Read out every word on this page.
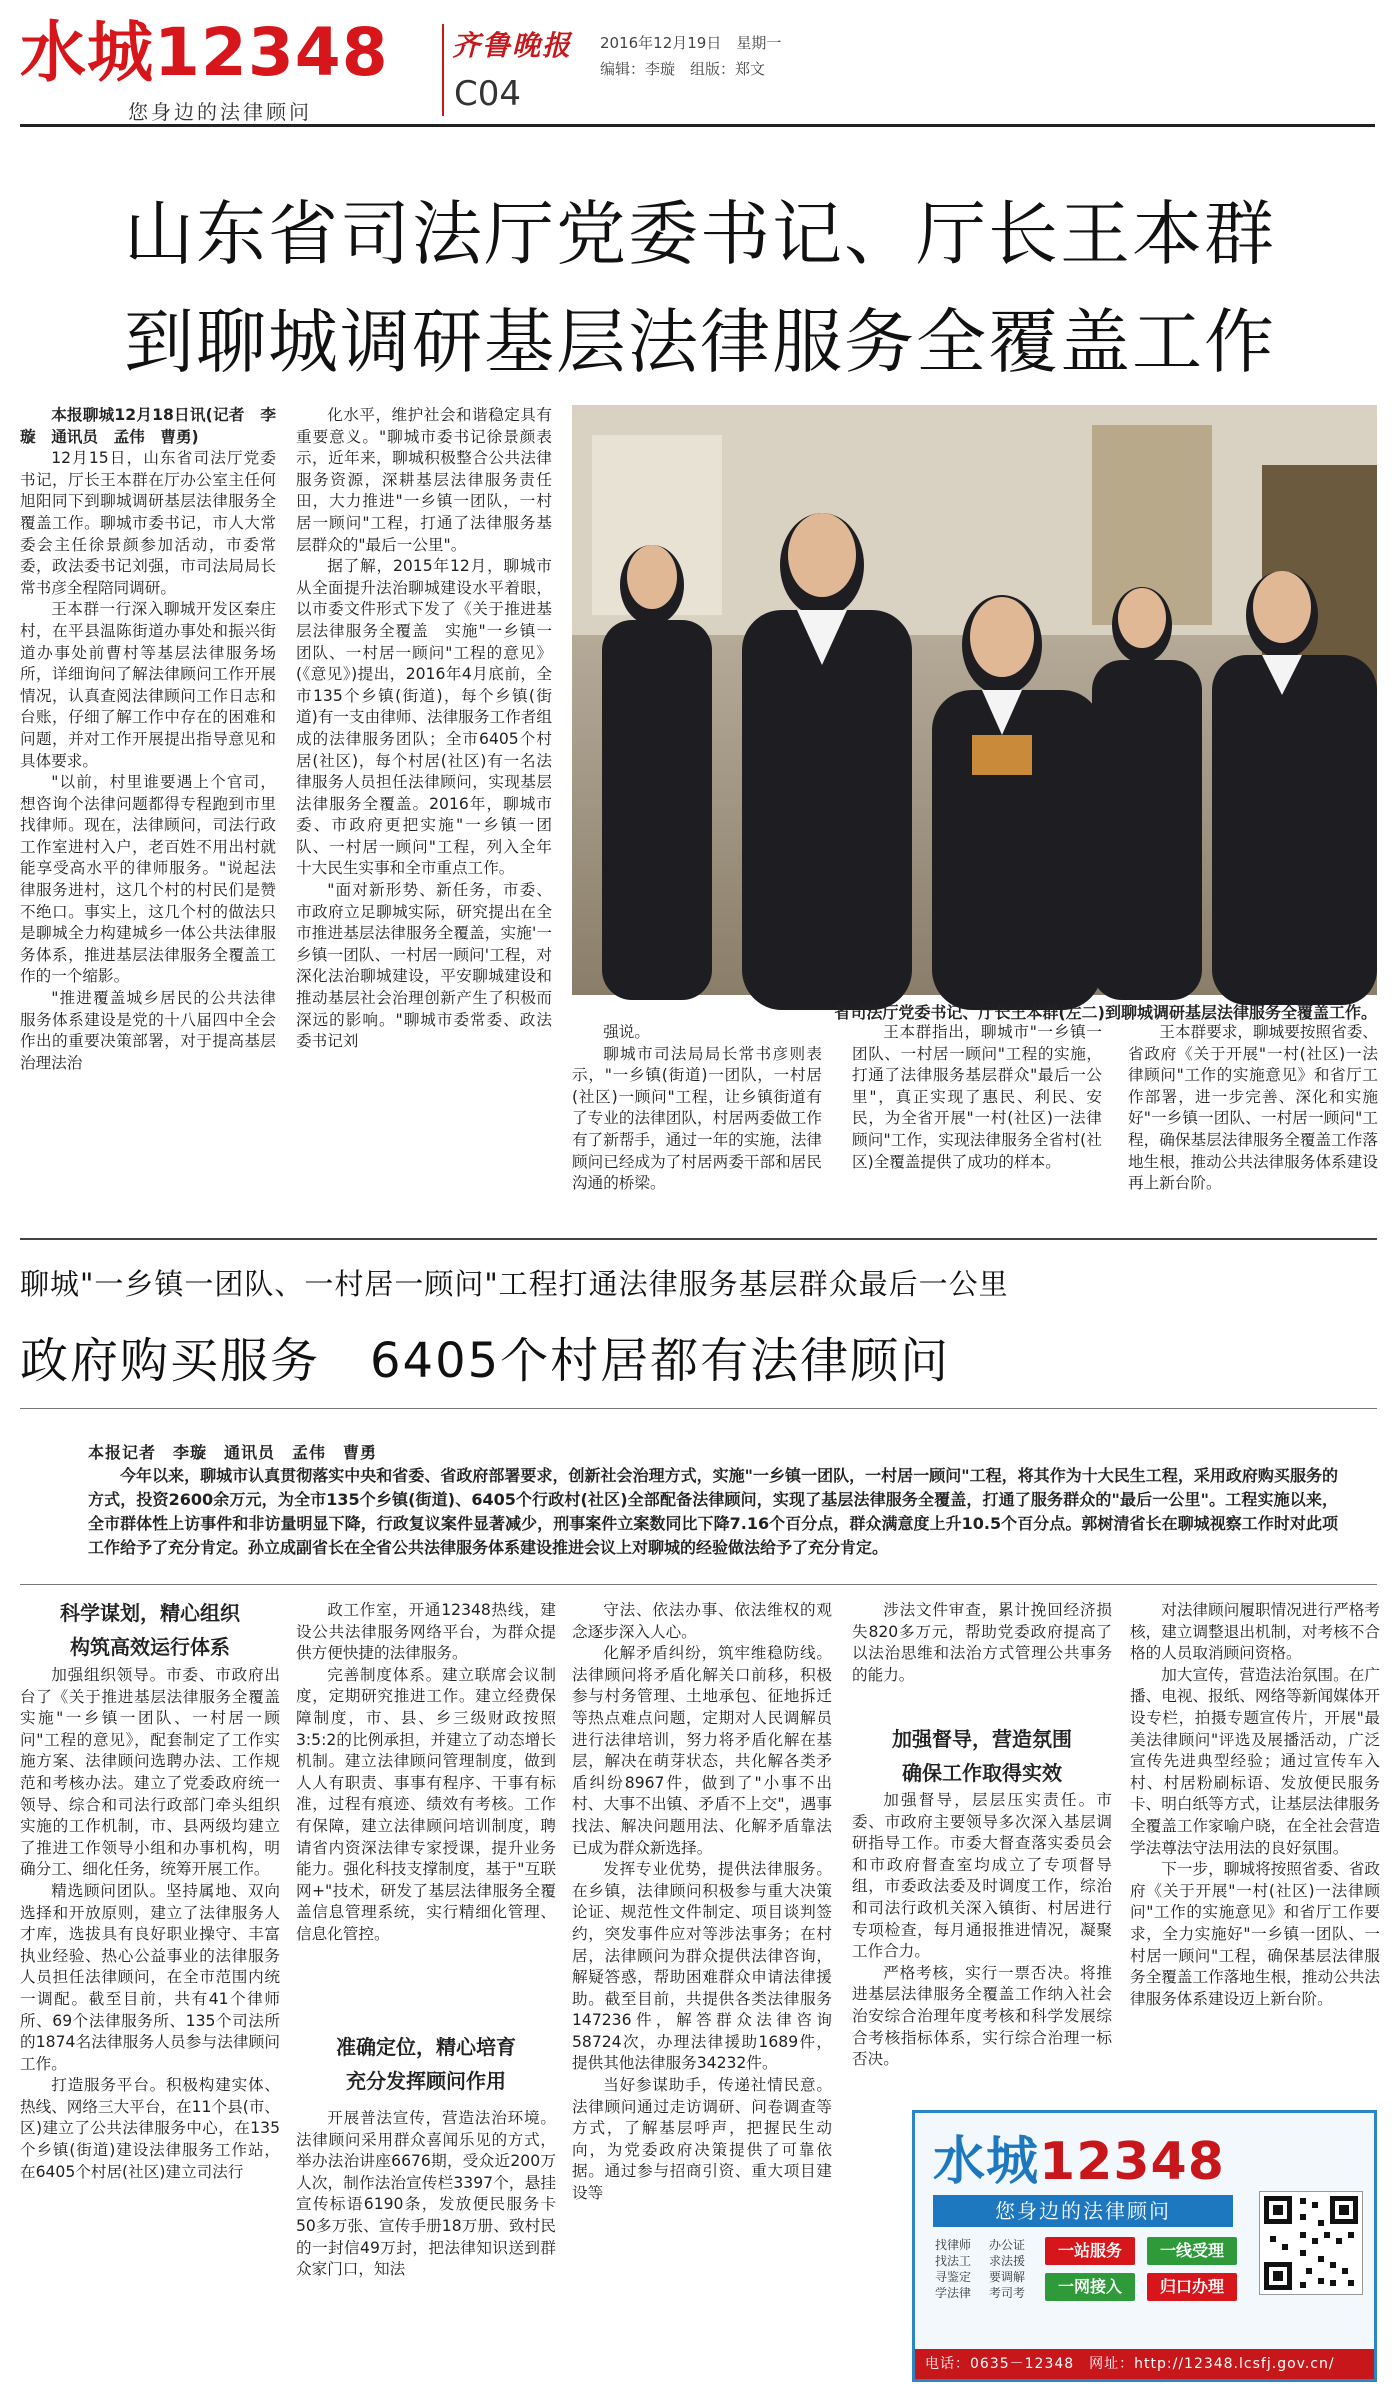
水城12348
您身边的法律顾问
齐鲁晚报
C04
2016年12月19日　星期一
编辑：李璇　组版：郑文
山东省司法厅党委书记、厅长王本群
到聊城调研基层法律服务全覆盖工作

本报聊城12月18日讯(记者　李璇　通讯员　孟伟　曹勇)

12月15日，山东省司法厅党委书记，厅长王本群在厅办公室主任何旭阳同下到聊城调研基层法律服务全覆盖工作。聊城市委书记，市人大常委会主任徐景颜参加活动，市委常委，政法委书记刘强，市司法局局长常书彦全程陪同调研。

王本群一行深入聊城开发区秦庄村，在平县温陈街道办事处和振兴街道办事处前曹村等基层法律服务场所，详细询问了解法律顾问工作开展情况，认真查阅法律顾问工作日志和台账，仔细了解工作中存在的困难和问题，并对工作开展提出指导意见和具体要求。

"以前，村里谁要遇上个官司，想咨询个法律问题都得专程跑到市里找律师。现在，法律顾问，司法行政工作室进村入户，老百姓不用出村就能享受高水平的律师服务。"说起法律服务进村，这几个村的村民们是赞不绝口。事实上，这几个村的做法只是聊城全力构建城乡一体公共法律服务体系，推进基层法律服务全覆盖工作的一个缩影。

"推进覆盖城乡居民的公共法律服务体系建设是党的十八届四中全会作出的重要决策部署，对于提高基层治理法治

化水平，维护社会和谐稳定具有重要意义。"聊城市委书记徐景颜表示，近年来，聊城积极整合公共法律服务资源，深耕基层法律服务责任田，大力推进"一乡镇一团队，一村居一顾问"工程，打通了法律服务基层群众的"最后一公里"。

据了解，2015年12月，聊城市从全面提升法治聊城建设水平着眼，以市委文件形式下发了《关于推进基层法律服务全覆盖　实施"一乡镇一团队、一村居一顾问"工程的意见》(《意见》)提出，2016年4月底前，全市135个乡镇(街道)，每个乡镇(街道)有一支由律师、法律服务工作者组成的法律服务团队；全市6405个村居(社区)，每个村居(社区)有一名法律服务人员担任法律顾问，实现基层法律服务全覆盖。2016年，聊城市委、市政府更把实施"一乡镇一团队、一村居一顾问"工程，列入全年十大民生实事和全市重点工作。

"面对新形势、新任务，市委、市政府立足聊城实际，研究提出在全市推进基层法律服务全覆盖，实施'一乡镇一团队、一村居一顾问'工程，对深化法治聊城建设，平安聊城建设和推动基层社会治理创新产生了积极而深远的影响。"聊城市委常委、政法委书记刘

省司法厅党委书记、厅长王本群(左二)到聊城调研基层法律服务全覆盖工作。

强说。

聊城市司法局局长常书彦则表示，"一乡镇(街道)一团队，一村居(社区)一顾问"工程，让乡镇街道有了专业的法律团队，村居两委做工作有了新帮手，通过一年的实施，法律顾问已经成为了村居两委干部和居民沟通的桥梁。

王本群指出，聊城市"一乡镇一团队、一村居一顾问"工程的实施，打通了法律服务基层群众"最后一公里"，真正实现了惠民、利民、安民，为全省开展"一村(社区)一法律顾问"工作，实现法律服务全省村(社区)全覆盖提供了成功的样本。

王本群要求，聊城要按照省委、省政府《关于开展"一村(社区)一法律顾问"工作的实施意见》和省厅工作部署，进一步完善、深化和实施好"一乡镇一团队、一村居一顾问"工程，确保基层法律服务全覆盖工作落地生根，推动公共法律服务体系建设再上新台阶。

聊城"一乡镇一团队、一村居一顾问"工程打通法律服务基层群众最后一公里
政府购买服务　6405个村居都有法律顾问
本报记者　李璇　通讯员　孟伟　曹勇
今年以来，聊城市认真贯彻落实中央和省委、省政府部署要求，创新社会治理方式，实施"一乡镇一团队，一村居一顾问"工程，将其作为十大民生工程，采用政府购买服务的方式，投资2600余万元，为全市135个乡镇(街道)、6405个行政村(社区)全部配备法律顾问，实现了基层法律服务全覆盖，打通了服务群众的"最后一公里"。工程实施以来，全市群体性上访事件和非访量明显下降，行政复议案件显著减少，刑事案件立案数同比下降7.16个百分点，群众满意度上升10.5个百分点。郭树清省长在聊城视察工作时对此项工作给予了充分肯定。孙立成副省长在全省公共法律服务体系建设推进会议上对聊城的经验做法给予了充分肯定。
科学谋划，精心组织
构筑高效运行体系

加强组织领导。市委、市政府出台了《关于推进基层法律服务全覆盖　实施"一乡镇一团队、一村居一顾问"工程的意见》，配套制定了工作实施方案、法律顾问选聘办法、工作规范和考核办法。建立了党委政府统一领导、综合和司法行政部门牵头组织实施的工作机制，市、县两级均建立了推进工作领导小组和办事机构，明确分工、细化任务，统筹开展工作。

精选顾问团队。坚持属地、双向选择和开放原则，建立了法律服务人才库，选拔具有良好职业操守、丰富执业经验、热心公益事业的法律服务人员担任法律顾问，在全市范围内统一调配。截至目前，共有41个律师所、69个法律服务所、135个司法所的1874名法律服务人员参与法律顾问工作。

打造服务平台。积极构建实体、热线、网络三大平台，在11个县(市、区)建立了公共法律服务中心，在135个乡镇(街道)建设法律服务工作站，在6405个村居(社区)建立司法行

政工作室，开通12348热线，建设公共法律服务网络平台，为群众提供方便快捷的法律服务。

完善制度体系。建立联席会议制度，定期研究推进工作。建立经费保障制度，市、县、乡三级财政按照3:5:2的比例承担，并建立了动态增长机制。建立法律顾问管理制度，做到人人有职责、事事有程序、干事有标准，过程有痕迹、绩效有考核。工作有保障，建立法律顾问培训制度，聘请省内资深法律专家授课，提升业务能力。强化科技支撑制度，基于"互联网+"技术，研发了基层法律服务全覆盖信息管理系统，实行精细化管理、信息化管控。

准确定位，精心培育
充分发挥顾问作用

开展普法宣传，营造法治环境。法律顾问采用群众喜闻乐见的方式，举办法治讲座6676期，受众近200万人次，制作法治宣传栏3397个，悬挂宣传标语6190条，发放便民服务卡50多万张、宣传手册18万册、致村民的一封信49万封，把法律知识送到群众家门口，知法

守法、依法办事、依法维权的观念逐步深入人心。

化解矛盾纠纷，筑牢维稳防线。法律顾问将矛盾化解关口前移，积极参与村务管理、土地承包、征地拆迁等热点难点问题，定期对人民调解员进行法律培训，努力将矛盾化解在基层，解决在萌芽状态，共化解各类矛盾纠纷8967件，做到了"小事不出村、大事不出镇、矛盾不上交"，遇事找法、解决问题用法、化解矛盾靠法已成为群众新选择。

发挥专业优势，提供法律服务。在乡镇，法律顾问积极参与重大决策论证、规范性文件制定、项目谈判签约，突发事件应对等涉法事务；在村居，法律顾问为群众提供法律咨询，解疑答惑，帮助困难群众申请法律援助。截至目前，共提供各类法律服务147236件，解答群众法律咨询58724次，办理法律援助1689件，提供其他法律服务34232件。

当好参谋助手，传递社情民意。法律顾问通过走访调研、问卷调查等方式，了解基层呼声，把握民生动向，为党委政府决策提供了可靠依据。通过参与招商引资、重大项目建设等

涉法文件审查，累计挽回经济损失820多万元，帮助党委政府提高了以法治思维和法治方式管理公共事务的能力。

加强督导，营造氛围
确保工作取得实效

加强督导，层层压实责任。市委、市政府主要领导多次深入基层调研指导工作。市委大督查落实委员会和市政府督查室均成立了专项督导组，市委政法委及时调度工作，综治和司法行政机关深入镇街、村居进行专项检查，每月通报推进情况，凝聚工作合力。

严格考核，实行一票否决。将推进基层法律服务全覆盖工作纳入社会治安综合治理年度考核和科学发展综合考核指标体系，实行综合治理一标否决。

对法律顾问履职情况进行严格考核，建立调整退出机制，对考核不合格的人员取消顾问资格。

加大宣传，营造法治氛围。在广播、电视、报纸、网络等新闻媒体开设专栏，拍摄专题宣传片，开展"最美法律顾问"评选及展播活动，广泛宣传先进典型经验；通过宣传车入村、村居粉刷标语、发放便民服务卡、明白纸等方式，让基层法律服务全覆盖工作家喻户晓，在全社会营造学法尊法守法用法的良好氛围。

下一步，聊城将按照省委、省政府《关于开展"一村(社区)一法律顾问"工作的实施意见》和省厅工作要求，全力实施好"一乡镇一团队、一村居一顾问"工程，确保基层法律服务全覆盖工作落地生根，推动公共法律服务体系建设迈上新台阶。

水城12348
您身边的法律顾问
找律师
找法工
寻鉴定
学法律
办公证
求法援
要调解
考司考
一站服务	一线受理
一网接入	归口办理
电话：0635－12348　网址：http://12348.lcsfj.gov.cn/
